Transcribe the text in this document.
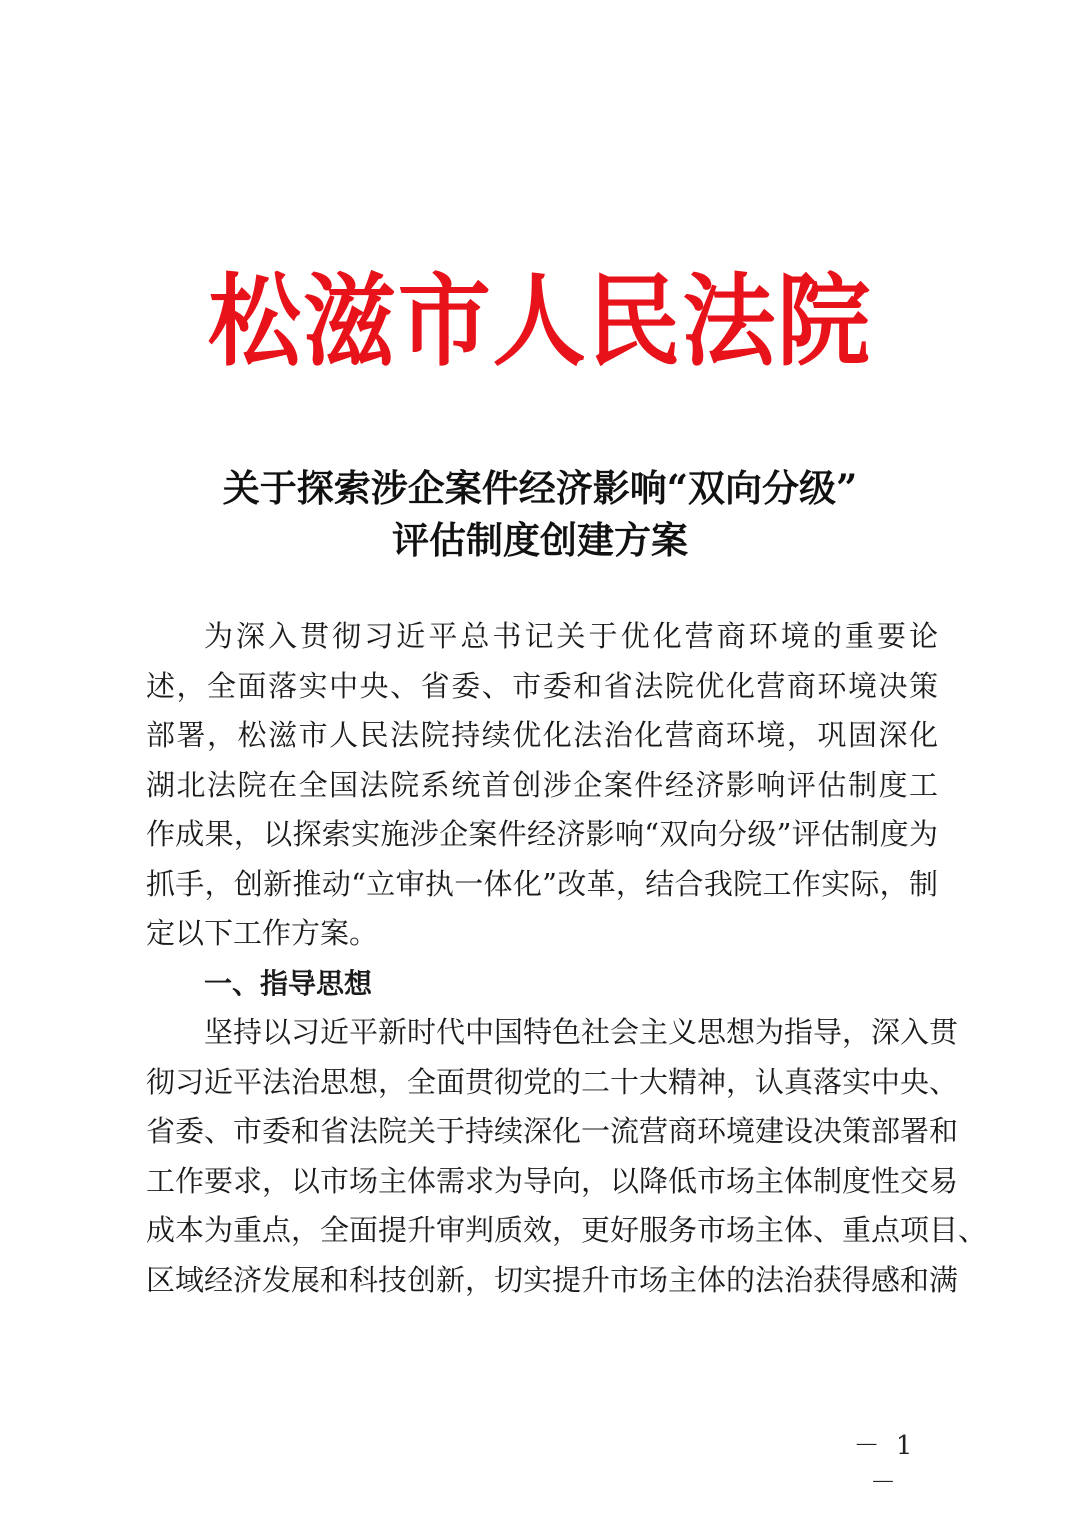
松滋市人民法院
关于探索涉企案件经济影响“双向分级”
评估制度创建方案
为深入贯彻习近平总书记关于优化营商环境的重要论
述，全面落实中央、省委、市委和省法院优化营商环境决策
部署，松滋市人民法院持续优化法治化营商环境，巩固深化
湖北法院在全国法院系统首创涉企案件经济影响评估制度工
作成果，以探索实施涉企案件经济影响“双向分级”评估制度为
抓手，创新推动“立审执一体化”改革，结合我院工作实际，制
定以下工作方案。
一、指导思想
坚持以习近平新时代中国特色社会主义思想为指导，深入贯
彻习近平法治思想，全面贯彻党的二十大精神，认真落实中央、
省委、市委和省法院关于持续深化一流营商环境建设决策部署和
工作要求，以市场主体需求为导向，以降低市场主体制度性交易
成本为重点，全面提升审判质效，更好服务市场主体、重点项目、
区域经济发展和科技创新，切实提升市场主体的法治获得感和满
－ 1 －
